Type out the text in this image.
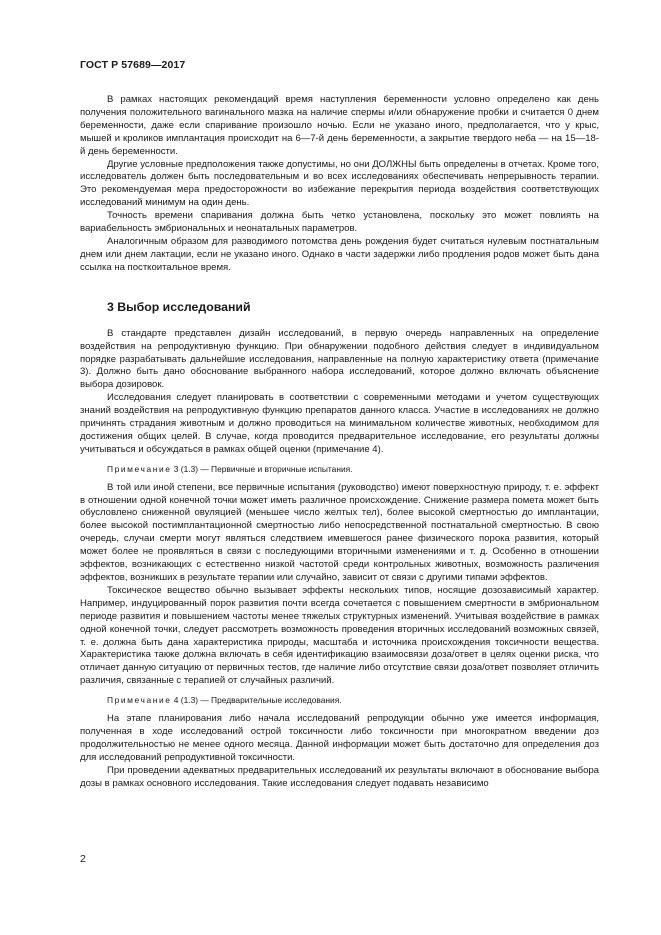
ГОСТ Р 57689—2017

В рамках настоящих рекомендаций время наступления беременности условно определено как день получения положительного вагинального мазка на наличие спермы и/или обнаружение пробки и считается 0 днем беременности, даже если спаривание произошло ночью. Если не указано иного, предполагается, что у крыс, мышей и кроликов имплантация происходит на 6—7-й день беременности, а закрытие твердого неба — на 15—18-й день беременности.

Другие условные предположения также допустимы, но они ДОЛЖНЫ быть определены в отчетах. Кроме того, исследователь должен быть последовательным и во всех исследованиях обеспечивать непрерывность терапии. Это рекомендуемая мера предосторожности во избежание перекрытия периода воздействия соответствующих исследований минимум на один день.

Точность времени спаривания должна быть четко установлена, поскольку это может повлиять на вариабельность эмбриональных и неонатальных параметров.

Аналогичным образом для разводимого потомства день рождения будет считаться нулевым постнатальным днем или днем лактации, если не указано иного. Однако в части задержки либо продления родов может быть дана ссылка на посткоитальное время.

3 Выбор исследований

В стандарте представлен дизайн исследований, в первую очередь направленных на определение воздействия на репродуктивную функцию. При обнаружении подобного действия следует в индивидуальном порядке разрабатывать дальнейшие исследования, направленные на полную характеристику ответа (примечание 3). Должно быть дано обоснование выбранного набора исследований, которое должно включать объяснение выбора дозировок.

Исследования следует планировать в соответствии с современными методами и учетом существующих знаний воздействия на репродуктивную функцию препаратов данного класса. Участие в исследованиях не должно причинять страдания животным и должно проводиться на минимальном количестве животных, необходимом для достижения общих целей. В случае, когда проводится предварительное исследование, его результаты должны учитываться и обсуждаться в рамках общей оценки (примечание 4).

Примечание 3 (1.3) — Первичные и вторичные испытания.

В той или иной степени, все первичные испытания (руководство) имеют поверхностную природу, т. е. эффект в отношении одной конечной точки может иметь различное происхождение. Снижение размера помета может быть обусловлено сниженной овуляцией (меньшее число желтых тел), более высокой смертностью до имплантации, более высокой постимплантационной смертностью либо непосредственной постнатальной смертностью. В свою очередь, случаи смерти могут являться следствием имевшегося ранее физического порока развития, который может более не проявляться в связи с последующими вторичными изменениями и т. д. Особенно в отношении эффектов, возникающих с естественно низкой частотой среди контрольных животных, возможность различения эффектов, возникших в результате терапии или случайно, зависит от связи с другими типами эффектов.

Токсическое вещество обычно вызывает эффекты нескольких типов, носящие дозозависимый характер. Например, индуцированный порок развития почти всегда сочетается с повышением смертности в эмбриональном периоде развития и повышением частоты менее тяжелых структурных изменений. Учитывая воздействие в рамках одной конечной точки, следует рассмотреть возможность проведения вторичных исследований возможных связей, т. е. должна быть дана характеристика природы, масштаба и источника происхождения токсичности вещества. Характеристика также должна включать в себя идентификацию взаимосвязи доза/ответ в целях оценки риска, что отличает данную ситуацию от первичных тестов, где наличие либо отсутствие связи доза/ответ позволяет отличить различия, связанные с терапией от случайных различий.

Примечание 4 (1.3) — Предварительные исследования.

На этапе планирования либо начала исследований репродукции обычно уже имеется информация, полученная в ходе исследований острой токсичности либо токсичности при многократном введении доз продолжительностью не менее одного месяца. Данной информации может быть достаточно для определения доз для исследований репродуктивной токсичности.

При проведении адекватных предварительных исследований их результаты включают в обоснование выбора дозы в рамках основного исследования. Такие исследования следует подавать независимо

2
